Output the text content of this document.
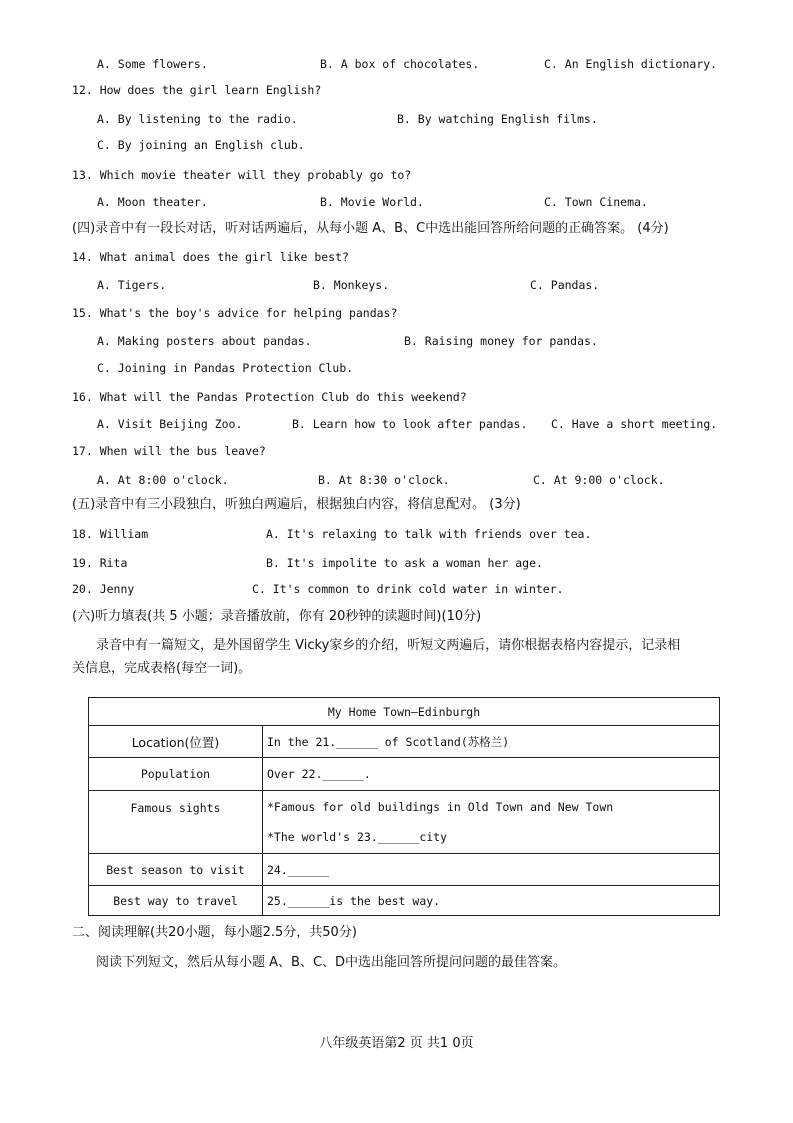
A. Some flowers.	B. A box of chocolates.	C. An English dictionary.
12. How does the girl learn English?
A. By listening to the radio.	B. By watching English films.
C. By joining an English club.
13. Which movie theater will they probably go to?
A. Moon theater.	B. Movie World.	C. Town Cinema.
(四)录音中有一段长对话，听对话两遍后，从每小题 A、B、C中选出能回答所给问题的正确答案。 (4分)
14. What animal does the girl like best?
A. Tigers.	B. Monkeys.	C. Pandas.
15. What's the boy's advice for helping pandas?
A. Making posters about pandas.	B. Raising money for pandas.
C. Joining in Pandas Protection Club.
16. What will the Pandas Protection Club do this weekend?
A. Visit Beijing Zoo.	B. Learn how to look after pandas. C. Have a short meeting.
17. When will the bus leave?
A. At 8:00 o'clock.	B. At 8:30 o'clock.	C. At 9:00 o'clock.
(五)录音中有三小段独白，听独白两遍后，根据独白内容，将信息配对。 (3分)
18. William	A. It's relaxing to talk with friends over tea.
19. Rita	B. It's impolite to ask a woman her age.
20. Jenny	C. It's common to drink cold water in winter.
(六)听力填表(共 5 小题；录音播放前，你有 20秒钟的读题时间)(10分)
录音中有一篇短文，是外国留学生 Vicky家乡的介绍，听短文两遍后，请你根据表格内容提示，记录相
关信息，完成表格(每空一词)。
My Home Town—Edinburgh	
Location(位置)	In the 21.______ of Scotland(苏格兰)
Population	Over 22.______.
Famous sights	*Famous for old buildings in Old Town and New Town
*The world's 23.______city

Best season to visit	24.______
Best way to travel	25.______is the best way.
二、阅读理解(共20小题，每小题2.5分，共50分)
阅读下列短文，然后从每小题 A、B、C、D中选出能回答所提问问题的最佳答案。
八年级英语第2 页 共1 0页
